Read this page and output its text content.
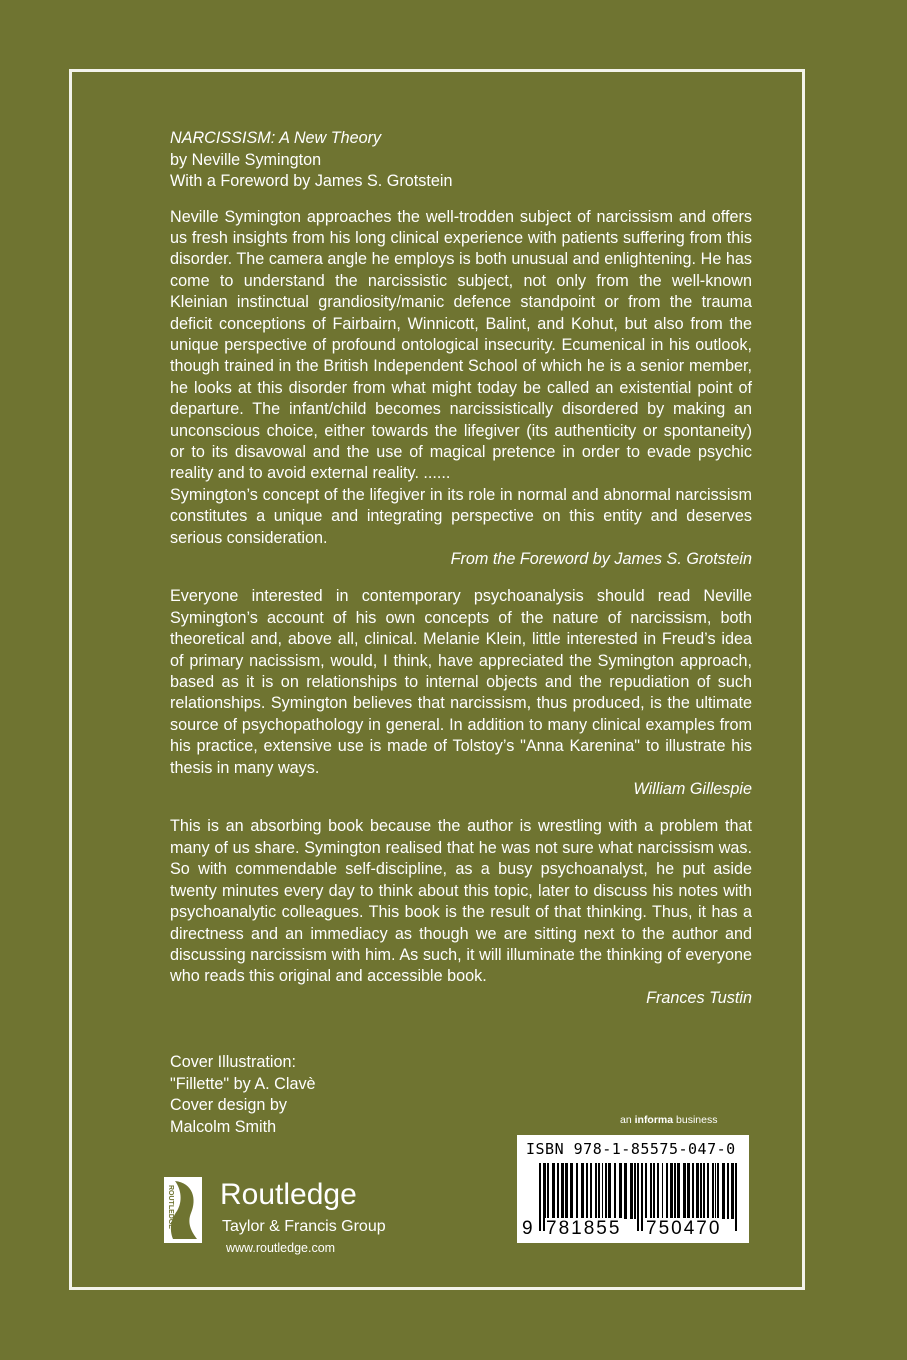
NARCISSISM: A New Theory
by Neville Symington
With a Foreword by James S. Grotstein

Neville Symington approaches the well-trodden subject of narcissism and offers us fresh insights from his long clinical experience with patients suffering from this disorder. The camera angle he employs is both unusual and enlightening. He has come to understand the narcissistic subject, not only from the well-known Kleinian instinctual grandiosity/manic defence standpoint or from the trauma deficit conceptions of Fairbairn, Winnicott, Balint, and Kohut, but also from the unique perspective of profound ontological insecurity. Ecumenical in his outlook, though trained in the British Independent School of which he is a senior member, he looks at this disorder from what might today be called an existential point of departure. The infant/child becomes narcissistically disordered by making an unconscious choice, either towards the lifegiver (its authenticity or spontaneity) or to its disavowal and the use of magical pretence in order to evade psychic reality and to avoid external reality. ......

Symington’s concept of the lifegiver in its role in normal and abnormal narcissism constitutes a unique and integrating perspective on this entity and deserves serious consideration.

From the Foreword by James S. Grotstein

Everyone interested in contemporary psychoanalysis should read Neville Symington’s account of his own concepts of the nature of narcissism, both theoretical and, above all, clinical. Melanie Klein, little interested in Freud’s idea of primary nacissism, would, I think, have appreciated the Symington approach, based as it is on relationships to internal objects and the repudiation of such relationships. Symington believes that narcissism, thus produced, is the ultimate source of psychopathology in general. In addition to many clinical examples from his practice, extensive use is made of Tolstoy’s "Anna Karenina" to illustrate his thesis in many ways.

William Gillespie

This is an absorbing book because the author is wrestling with a problem that many of us share. Symington realised that he was not sure what narcissism was. So with commendable self-discipline, as a busy psychoanalyst, he put aside twenty minutes every day to think about this topic, later to discuss his notes with psychoanalytic colleagues. This book is the result of that thinking. Thus, it has a directness and an immediacy as though we are sitting next to the author and discussing narcissism with him. As such, it will illuminate the thinking of everyone who reads this original and accessible book.

Frances Tustin
Cover Illustration:
"Fillette" by A. Clavè
Cover design by
Malcolm Smith	an informa business
ISBN 978-1-85575-047-0
9 781855 750470
ROUTLEDGE Routledge
Taylor & Francis Group
www.routledge.com
